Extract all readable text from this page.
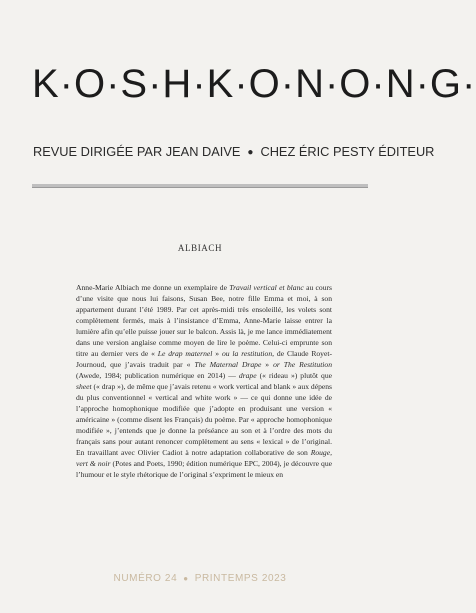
K·O·S·H·K·O·N·O·N·G·
REVUE DIRIGÉE PAR JEAN DAIVE ● CHEZ ÉRIC PESTY ÉDITEUR
ALBIACH

Anne-Marie Albiach me donne un exemplaire de Travail vertical et blanc au cours d’une visite que nous lui faisons, Susan Bee, notre fille Emma et moi, à son appartement durant l’été 1989. Par cet après-midi très ensoleillé, les volets sont complètement fermés, mais à l’insistance d’Emma, Anne-Marie laisse entrer la lumière afin qu’elle puisse jouer sur le balcon. Assis là, je me lance immédiatement dans une version anglaise comme moyen de lire le poème. Celui-ci emprunte son titre au dernier vers de « Le drap maternel » ou la restitution, de Claude Royet-Journoud, que j’avais traduit par « The Maternal Drape » or The Restitution (Awede, 1984; publication numérique en 2014) — drape (« rideau ») plutôt que sheet (« drap »), de même que j’avais retenu « work vertical and blank » aux dépens du plus conventionnel « vertical and white work » — ce qui donne une idée de l’approche homophonique modifiée que j’adopte en produisant une version « américaine » (comme disent les Français) du poème. Par « approche homophonique modifiée », j’entends que je donne la préséance au son et à l’ordre des mots du français sans pour autant renoncer complètement au sens « lexical » de l’original. En travaillant avec Olivier Cadiot à notre adaptation collaborative de son Rouge, vert & noir (Potes and Poets, 1990; édition numérique EPC, 2004), je découvre que l’humour et le style rhétorique de l’original s’expriment le mieux en

NUMÉRO 24 ● PRINTEMPS 2023
